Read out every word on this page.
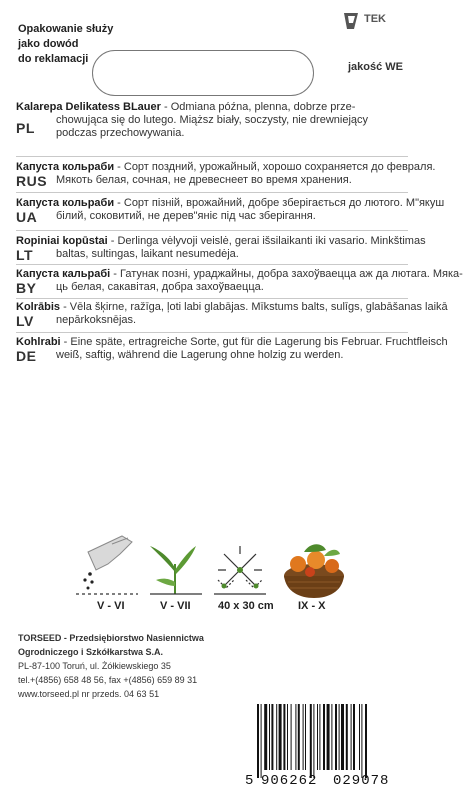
Opakowanie służy
jako dowód
do reklamacji
TEK
jakość WE
Kalarepa Delikatess BLauer - Odmiana późna, plenna, dobrze prze-
chowująca się do lutego. Miąższ biały, soczysty, nie drewniejący
podczas przechowywania.
PL
Капуста кольраби - Сорт поздний, урожайный, хорошо сохраняется до февраля.
Мякоть белая, сочная, не древеснеет во время хранения.
RUS
Капуста кольраби - Сорт пізній, врожайний, добре зберігається до лютого. М"якуш
білий, соковитий, не дерев"яніє під час зберігання.
UA
Ropiniai kopūstai - Derlinga vėlyvoji veislė, gerai išsilaikanti iki vasario. Minkštimas
baltas, sultingas, laikant nesumedėja.
LT
Капуста кальрабі - Гатунак позні, ураджайны, добра захоўваецца аж да лютага. Мяка-
ць белая, сакавітая, добра захоўваецца.
BY
Kolrābis - Vēla šķirne, ražīga, ļoti labi glabājas. Mīkstums balts, sulīgs, glabāšanas laikā
nepārkoksnējas.
LV
Kohlrabi - Eine späte, ertragreiche Sorte, gut für die Lagerung bis Februar. Fruchtfleisch
weiß, saftig, während die Lagerung ohne holzig zu werden.
DE
V - VI	V - VII 40 x 30 cm IX - X
TORSEED - Przedsiębiorstwo Nasiennictwa
Ogrodniczego i Szkółkarstwa S.A.
PL-87-100 Toruń, ul. Żółkiewskiego 35
tel.+(4856) 658 48 56, fax +(4856) 659 89 31
www.torseed.pl nr przeds. 04 63 51
5 906262 029078
